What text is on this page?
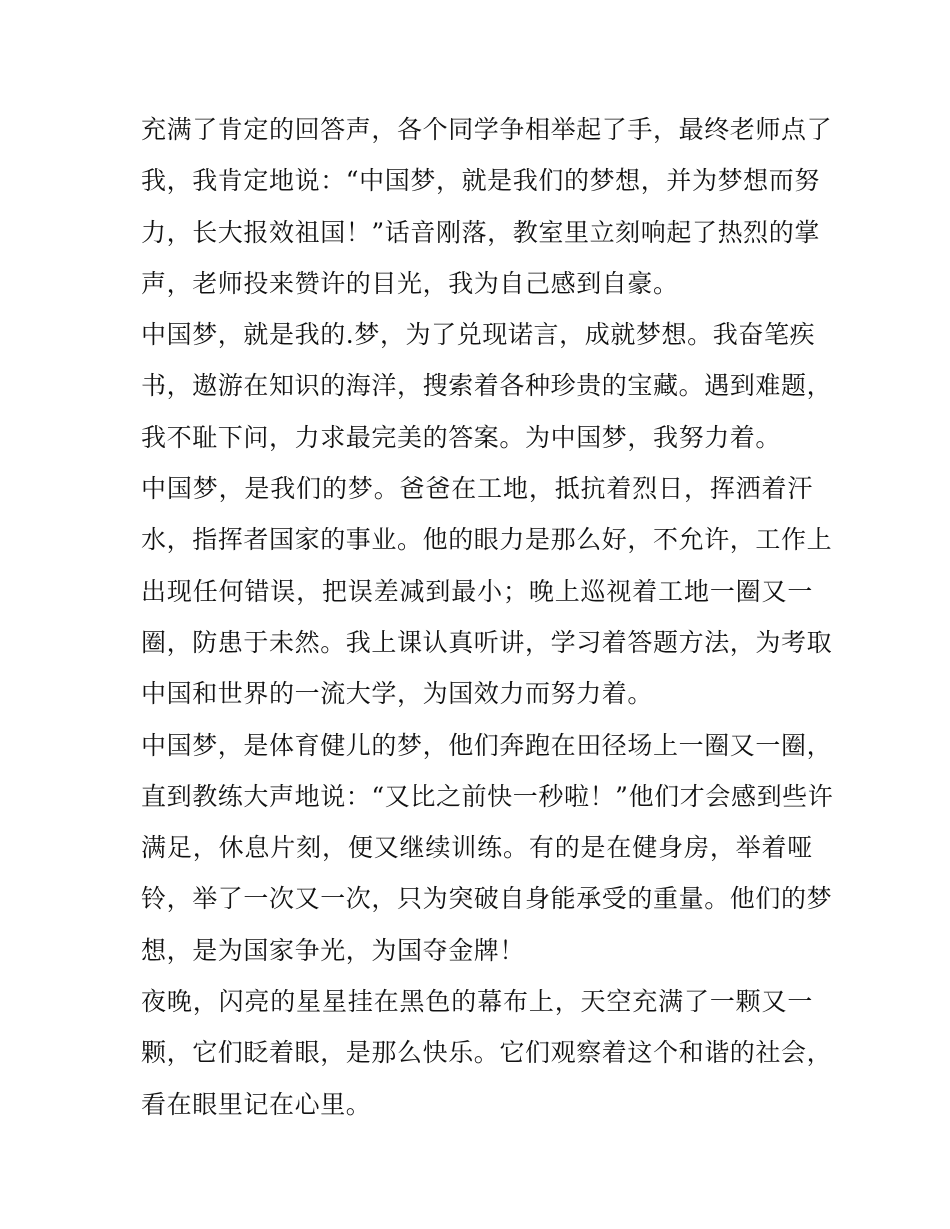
充满了肯定的回答声，各个同学争相举起了手，最终老师点了
我，我肯定地说：“中国梦，就是我们的梦想，并为梦想而努
力，长大报效祖国！”话音刚落，教室里立刻响起了热烈的掌
声，老师投来赞许的目光，我为自己感到自豪。
中国梦，就是我的.梦，为了兑现诺言，成就梦想。我奋笔疾
书，遨游在知识的海洋，搜索着各种珍贵的宝藏。遇到难题，
我不耻下问，力求最完美的答案。为中国梦，我努力着。
中国梦，是我们的梦。爸爸在工地，抵抗着烈日，挥洒着汗
水，指挥者国家的事业。他的眼力是那么好，不允许，工作上
出现任何错误，把误差减到最小；晚上巡视着工地一圈又一
圈，防患于未然。我上课认真听讲，学习着答题方法，为考取
中国和世界的一流大学，为国效力而努力着。
中国梦，是体育健儿的梦，他们奔跑在田径场上一圈又一圈，
直到教练大声地说：“又比之前快一秒啦！”他们才会感到些许
满足，休息片刻，便又继续训练。有的是在健身房，举着哑
铃，举了一次又一次，只为突破自身能承受的重量。他们的梦
想，是为国家争光，为国夺金牌！
夜晚，闪亮的星星挂在黑色的幕布上，天空充满了一颗又一
颗，它们眨着眼，是那么快乐。它们观察着这个和谐的社会，
看在眼里记在心里。
